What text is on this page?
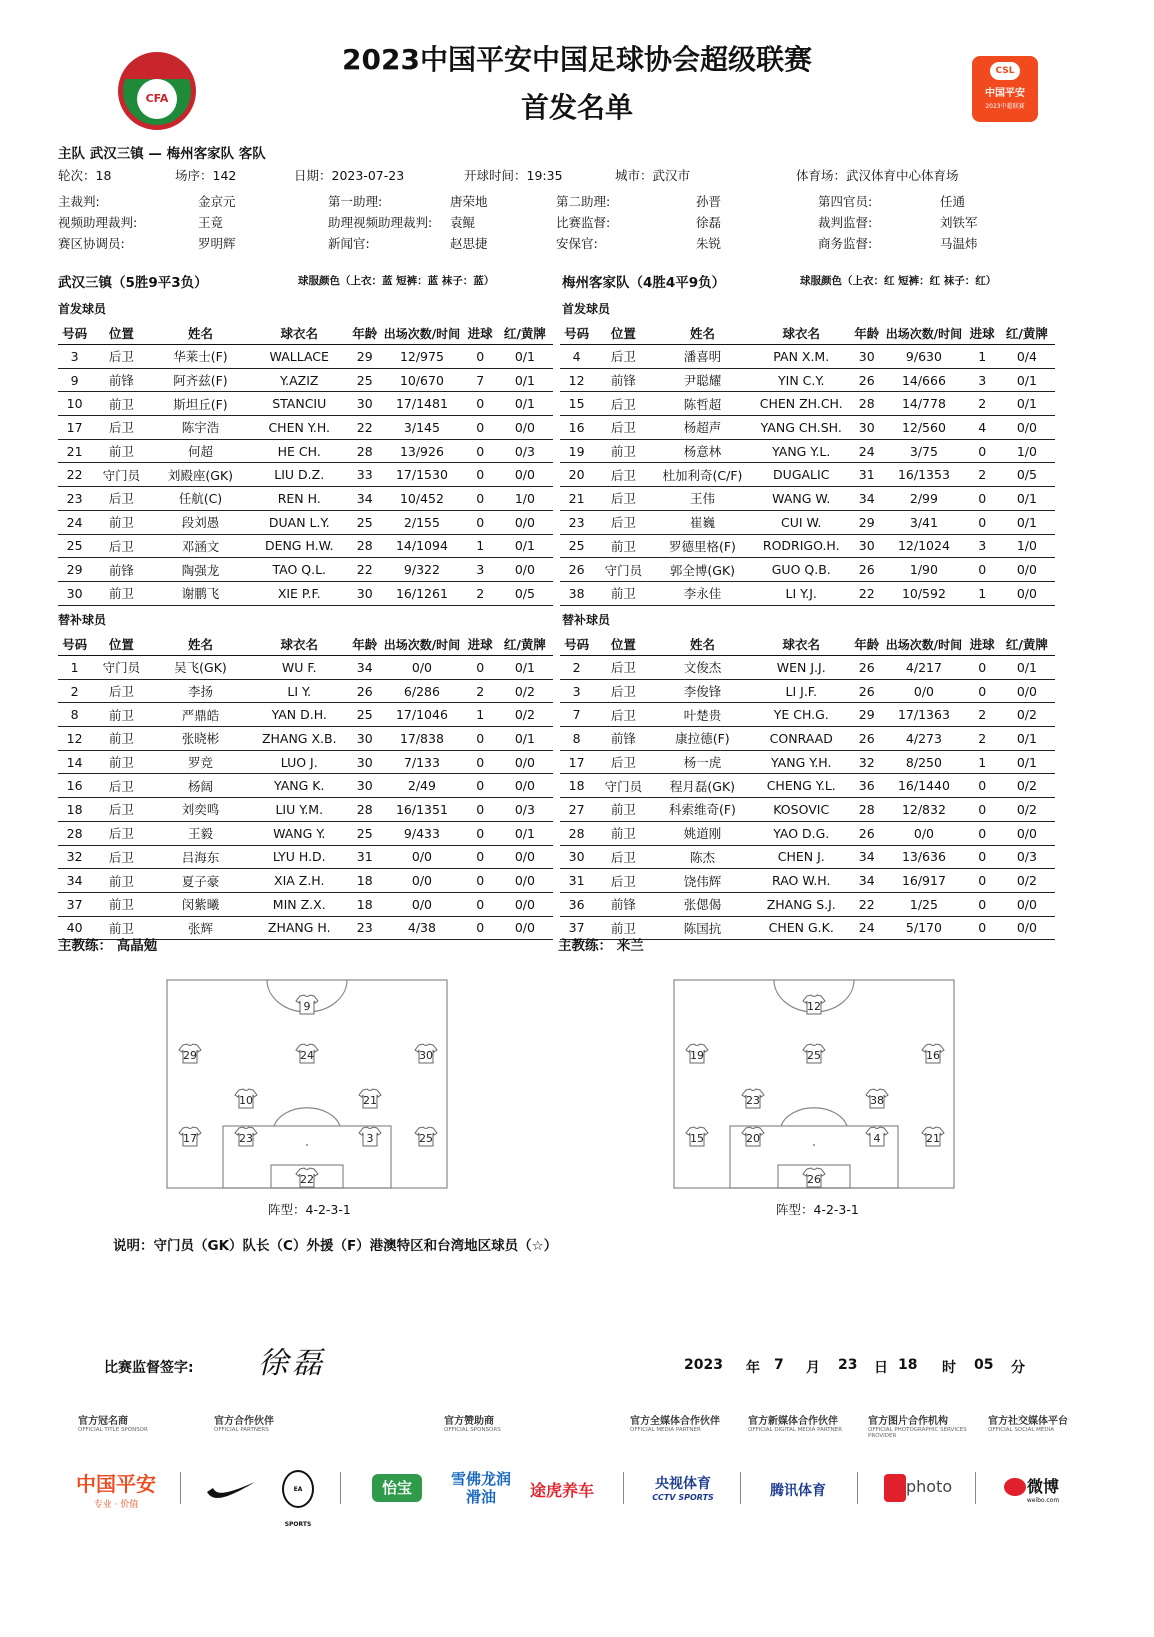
CFA
2023中国平安中国足球协会超级联赛
首发名单
CSL
中国平安
2023中超联赛
主队 武汉三镇 — 梅州客家队 客队
轮次：18	场序：142	日期：2023-07-23	开球时间：19:35	城市：武汉市	体育场：武汉体育中心体育场
主裁判:	金京元	第一助理:	唐荣地	第二助理:	孙晋	第四官员:	任通
视频助理裁判:	王竟	助理视频助理裁判: 袁鲲	比赛监督:	徐磊	裁判监督:	刘铁军
赛区协调员:	罗明辉	新闻官:	赵思捷	安保官:	朱锐	商务监督:	马温炜
武汉三镇（5胜9平3负）	球服颜色（上衣：蓝 短裤：蓝 袜子：蓝）	梅州客家队（4胜4平9负）	球服颜色（上衣：红 短裤：红 袜子：红）
首发球员	首发球员
号码	位置	姓名	球衣名	年龄	出场次数/时间	进球	红/黄牌
3	后卫	华莱士(F)	WALLACE	29	12/975	0	0/1
9	前锋	阿齐兹(F)	Y.AZIZ	25	10/670	7	0/1
10	前卫	斯坦丘(F)	STANCIU	30	17/1481	0	0/1
17	后卫	陈宇浩	CHEN Y.H.	22	3/145	0	0/0
21	前卫	何超	HE CH.	28	13/926	0	0/3
22	守门员	刘殿座(GK)	LIU D.Z.	33	17/1530	0	0/0
23	后卫	任航(C)	REN H.	34	10/452	0	1/0
24	前卫	段刘愚	DUAN L.Y.	25	2/155	0	0/0
25	后卫	邓涵文	DENG H.W.	28	14/1094	1	0/1
29	前锋	陶强龙	TAO Q.L.	22	9/322	3	0/0
30	前卫	谢鹏飞	XIE P.F.	30	16/1261	2	0/5
号码	位置	姓名	球衣名	年龄	出场次数/时间	进球	红/黄牌
4	后卫	潘喜明	PAN X.M.	30	9/630	1	0/4
12	前锋	尹聪耀	YIN C.Y.	26	14/666	3	0/1
15	后卫	陈哲超	CHEN ZH.CH.	28	14/778	2	0/1
16	后卫	杨超声	YANG CH.SH.	30	12/560	4	0/0
19	前卫	杨意林	YANG Y.L.	24	3/75	0	1/0
20	后卫	杜加利奇(C/F)	DUGALIC	31	16/1353	2	0/5
21	后卫	王伟	WANG W.	34	2/99	0	0/1
23	后卫	崔巍	CUI W.	29	3/41	0	0/1
25	前卫	罗德里格(F)	RODRIGO.H.	30	12/1024	3	1/0
26	守门员	郭全博(GK)	GUO Q.B.	26	1/90	0	0/0
38	前卫	李永佳	LI Y.J.	22	10/592	1	0/0
替补球员	替补球员
号码	位置	姓名	球衣名	年龄	出场次数/时间	进球	红/黄牌
1	守门员	吴飞(GK)	WU F.	34	0/0	0	0/1
2	后卫	李扬	LI Y.	26	6/286	2	0/2
8	前卫	严鼎皓	YAN D.H.	25	17/1046	1	0/2
12	前卫	张晓彬	ZHANG X.B.	30	17/838	0	0/1
14	前卫	罗竞	LUO J.	30	7/133	0	0/0
16	后卫	杨阔	YANG K.	30	2/49	0	0/0
18	后卫	刘奕鸣	LIU Y.M.	28	16/1351	0	0/3
28	后卫	王毅	WANG Y.	25	9/433	0	0/1
32	后卫	吕海东	LYU H.D.	31	0/0	0	0/0
34	前卫	夏子豪	XIA Z.H.	18	0/0	0	0/0
37	前卫	闵紫曦	MIN Z.X.	18	0/0	0	0/0
40	前卫	张辉	ZHANG H.	23	4/38	0	0/0
号码	位置	姓名	球衣名	年龄	出场次数/时间	进球	红/黄牌
2	后卫	文俊杰	WEN J.J.	26	4/217	0	0/1
3	后卫	李俊锋	LI J.F.	26	0/0	0	0/0
7	后卫	叶楚贵	YE CH.G.	29	17/1363	2	0/2
8	前锋	康拉德(F)	CONRAAD	26	4/273	2	0/1
17	后卫	杨一虎	YANG Y.H.	32	8/250	1	0/1
18	守门员	程月磊(GK)	CHENG Y.L.	36	16/1440	0	0/2
27	前卫	科索维奇(F)	KOSOVIC	28	12/832	0	0/2
28	前卫	姚道刚	YAO D.G.	26	0/0	0	0/0
30	后卫	陈杰	CHEN J.	34	13/636	0	0/3
31	后卫	饶伟辉	RAO W.H.	34	16/917	0	0/2
36	前锋	张偲偈	ZHANG S.J.	22	1/25	0	0/0
37	前卫	陈国抗	CHEN G.K.	24	5/170	0	0/0
主教练： 高晶勉	主教练： 米兰
9
29	24	30
10	21
17	23	3	25
22
12
19	25	16
23	38
15	20	4	21
26
阵型：4-2-3-1	阵型：4-2-3-1
说明：守门员（GK）队长（C）外援（F）港澳特区和台湾地区球员（☆）
比赛监督签字: 徐磊	2023 年 7 月 23 日 18 时 05 分
官方冠名商
OFFICIAL TITLE SPONSOR
官方合作伙伴
OFFICIAL PARTNERS
官方赞助商
OFFICIAL SPONSORS
官方全媒体合作伙伴
OFFICIAL MEDIA PARTNER
官方新媒体合作伙伴
OFFICIAL DIGITAL MEDIA PARTNER
官方图片合作机构
OFFICIAL PHOTOGRAPHIC SERVICES PROVIDER
官方社交媒体平台
OFFICIAL SOCIAL MEDIA
中国平安
专业 · 价值
EA SPORTS
怡宝	雪佛龙润滑油	途虎养车	央视体育
CCTV SPORTS	腾讯体育	photo	微博
weibo.com
